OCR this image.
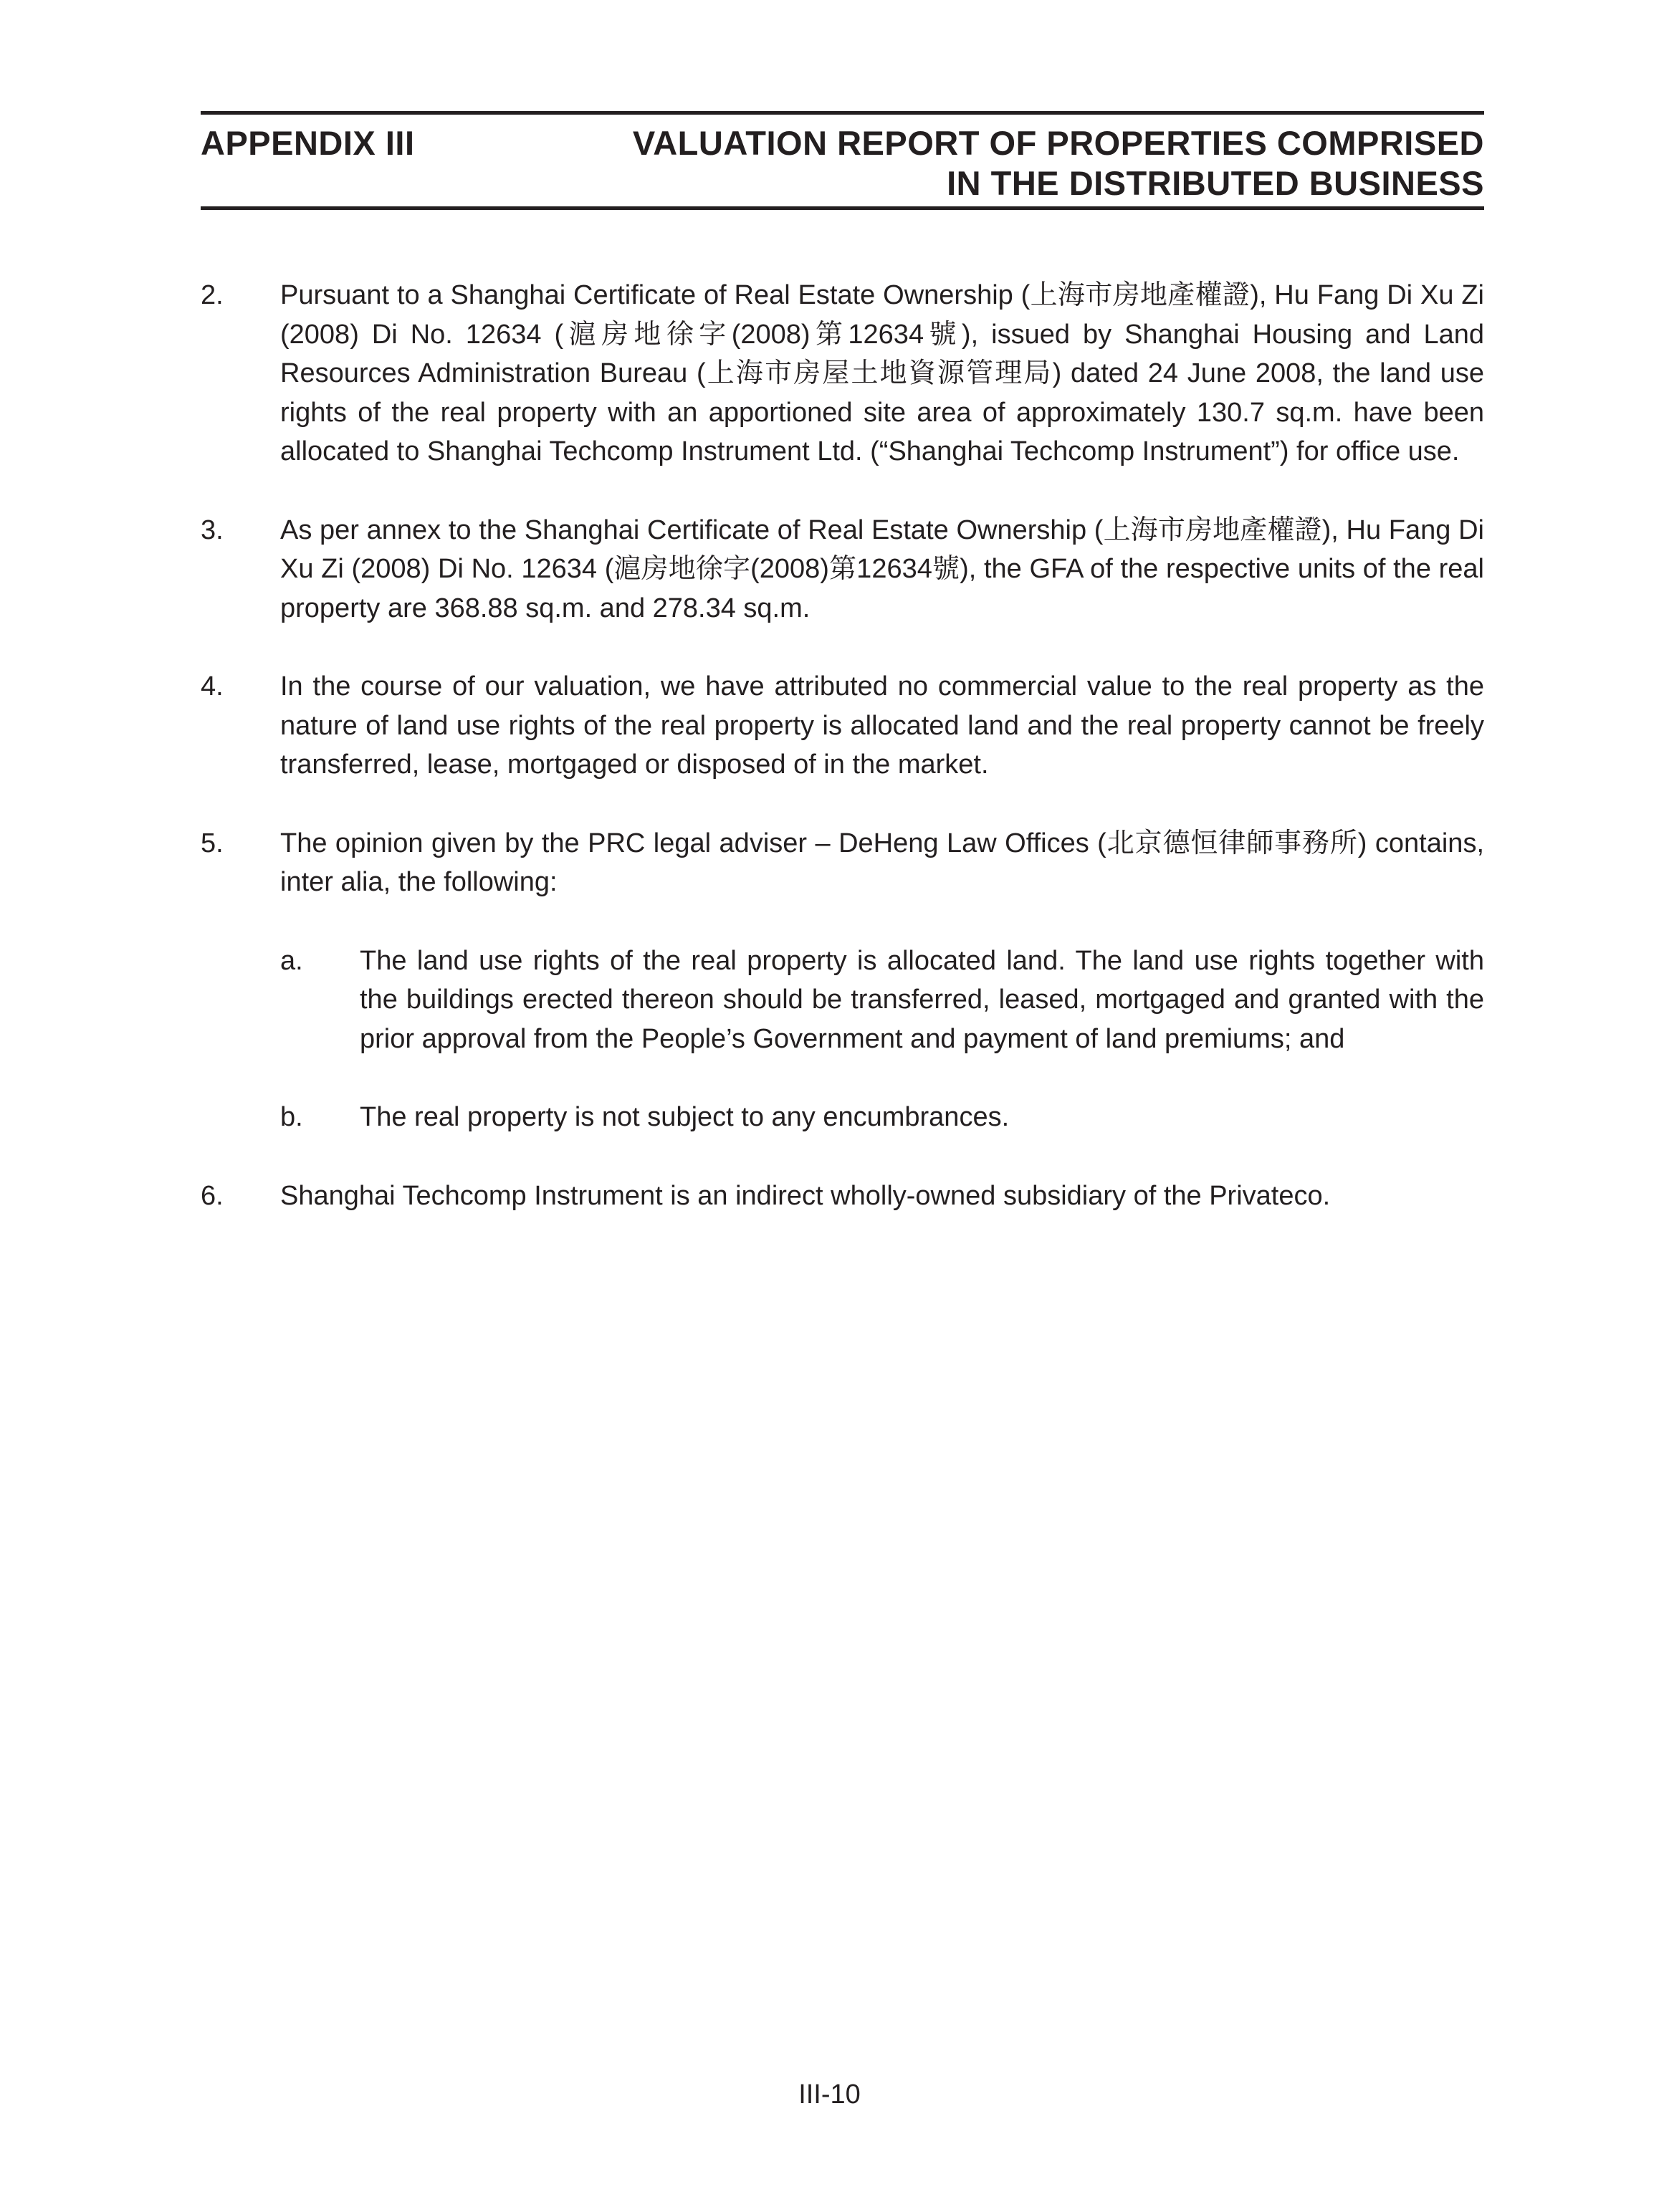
APPENDIX III	VALUATION REPORT OF PROPERTIES COMPRISED
IN THE DISTRIBUTED BUSINESS
2. Pursuant to a Shanghai Certificate of Real Estate Ownership (上海市房地產權證), Hu Fang Di Xu Zi (2008) Di No. 12634 (滬房地徐字(2008)第12634號), issued by Shanghai Housing and Land Resources Administration Bureau (上海市房屋土地資源管理局) dated 24 June 2008, the land use rights of the real property with an apportioned site area of approximately 130.7 sq.m. have been allocated to Shanghai Techcomp Instrument Ltd. (“Shanghai Techcomp Instrument”) for office use.
3. As per annex to the Shanghai Certificate of Real Estate Ownership (上海市房地產權證), Hu Fang Di Xu Zi (2008) Di No. 12634 (滬房地徐字(2008)第12634號), the GFA of the respective units of the real property are 368.88 sq.m. and 278.34 sq.m.
4. In the course of our valuation, we have attributed no commercial value to the real property as the nature of land use rights of the real property is allocated land and the real property cannot be freely transferred, lease, mortgaged or disposed of in the market.
5. The opinion given by the PRC legal adviser – DeHeng Law Offices (北京德恒律師事務所) contains, inter alia, the following:
a. The land use rights of the real property is allocated land. The land use rights together with the buildings erected thereon should be transferred, leased, mortgaged and granted with the prior approval from the People’s Government and payment of land premiums; and
b. The real property is not subject to any encumbrances.
6. Shanghai Techcomp Instrument is an indirect wholly-owned subsidiary of the Privateco.
III-10
